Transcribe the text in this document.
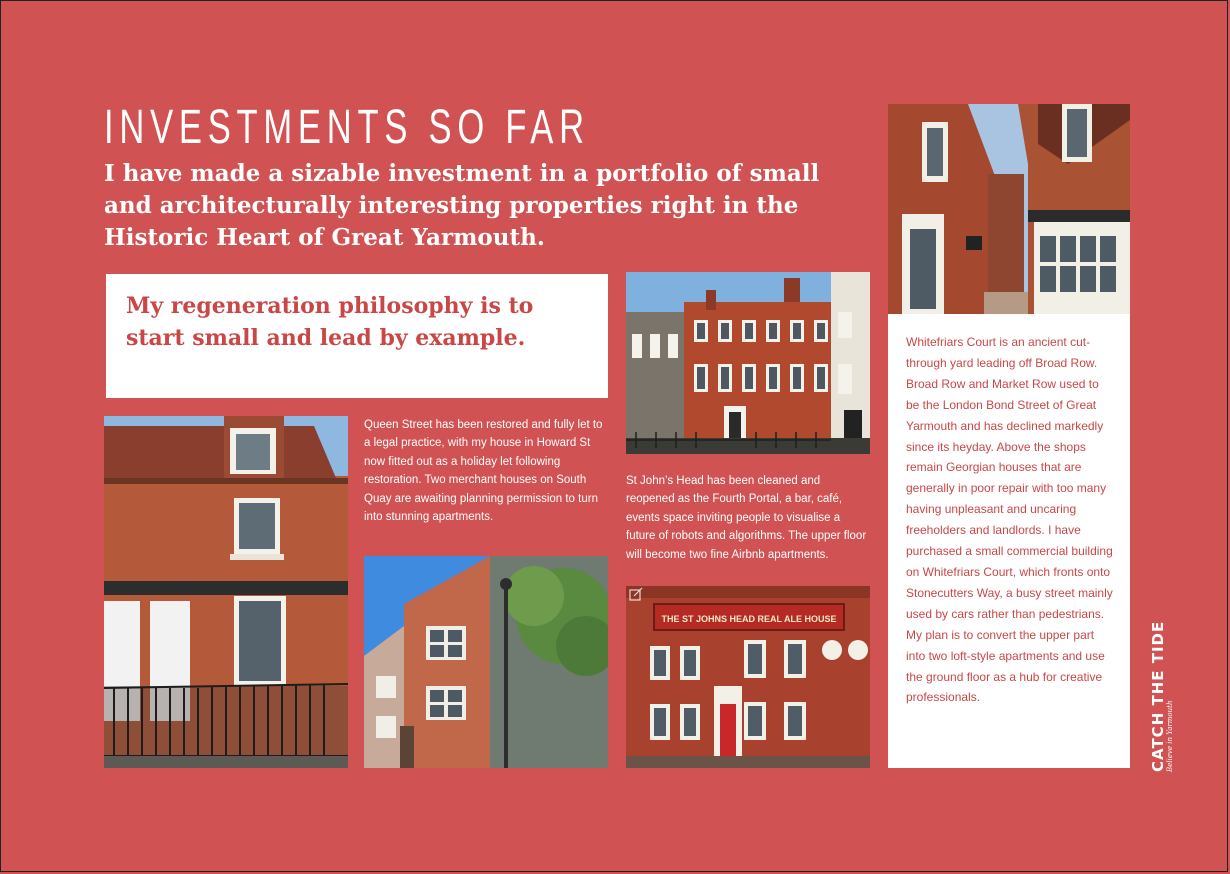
INVESTMENTS SO FAR
I have made a sizable investment in a portfolio of small and architecturally interesting properties right in the Historic Heart of Great Yarmouth.
My regeneration philosophy is to start small and lead by example.
THE ST JOHNS HEAD REAL ALE HOUSE
Queen Street has been restored and fully let to a legal practice, with my house in Howard St now fitted out as a holiday let following restoration. Two merchant houses on South Quay are awaiting planning permission to turn into stunning apartments.
St John’s Head has been cleaned and reopened as the Fourth Portal, a bar, café, events space inviting people to visualise a future of robots and algorithms. The upper floor will become two fine Airbnb apartments.
Whitefriars Court is an ancient cut-through yard leading off Broad Row. Broad Row and Market Row used to be the London Bond Street of Great Yarmouth and has declined markedly since its heyday. Above the shops remain Georgian houses that are generally in poor repair with too many having unpleasant and uncaring freeholders and landlords. I have purchased a small commercial building on Whitefriars Court, which fronts onto Stonecutters Way, a busy street mainly used by cars rather than pedestrians. My plan is to convert the upper part into two loft-style apartments and use the ground floor as a hub for creative professionals.	CATCH THE TIDE Believe in Yarmouth
